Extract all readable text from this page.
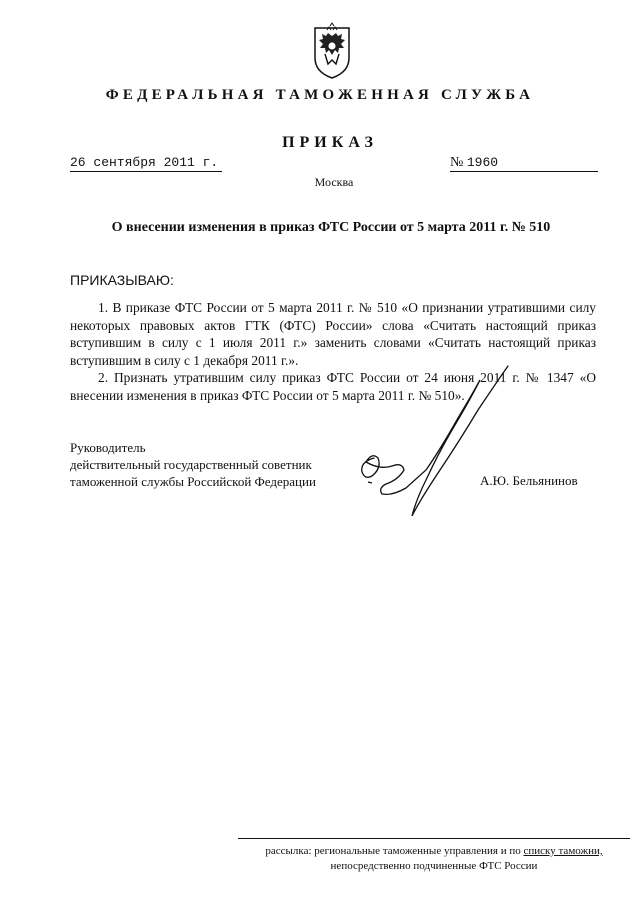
ФЕДЕРАЛЬНАЯ ТАМОЖЕННАЯ СЛУЖБА
ПРИКАЗ
26 сентября 2011 г.	№ 1960
Москва
О внесении изменения в приказ ФТС России от 5 марта 2011 г. № 510
ПРИКАЗЫВАЮ:

1. В приказе ФТС России от 5 марта 2011 г. № 510 «О признании утратившими силу некоторых правовых актов ГТК (ФТС) России» слова «Считать настоящий приказ вступившим в силу с 1 июля 2011 г.» заменить словами «Считать настоящий приказ вступившим в силу с 1 декабря 2011 г.».

2. Признать утратившим силу приказ ФТС России от 24 июня 2011 г. № 1347 «О внесении изменения в приказ ФТС России от 5 марта 2011 г. № 510».

Руководитель
действительный государственный советник
таможенной службы Российской Федерации	А.Ю. Бельянинов
рассылка: региональные таможенные управления и по списку таможни,
непосредственно подчиненные ФТС России
